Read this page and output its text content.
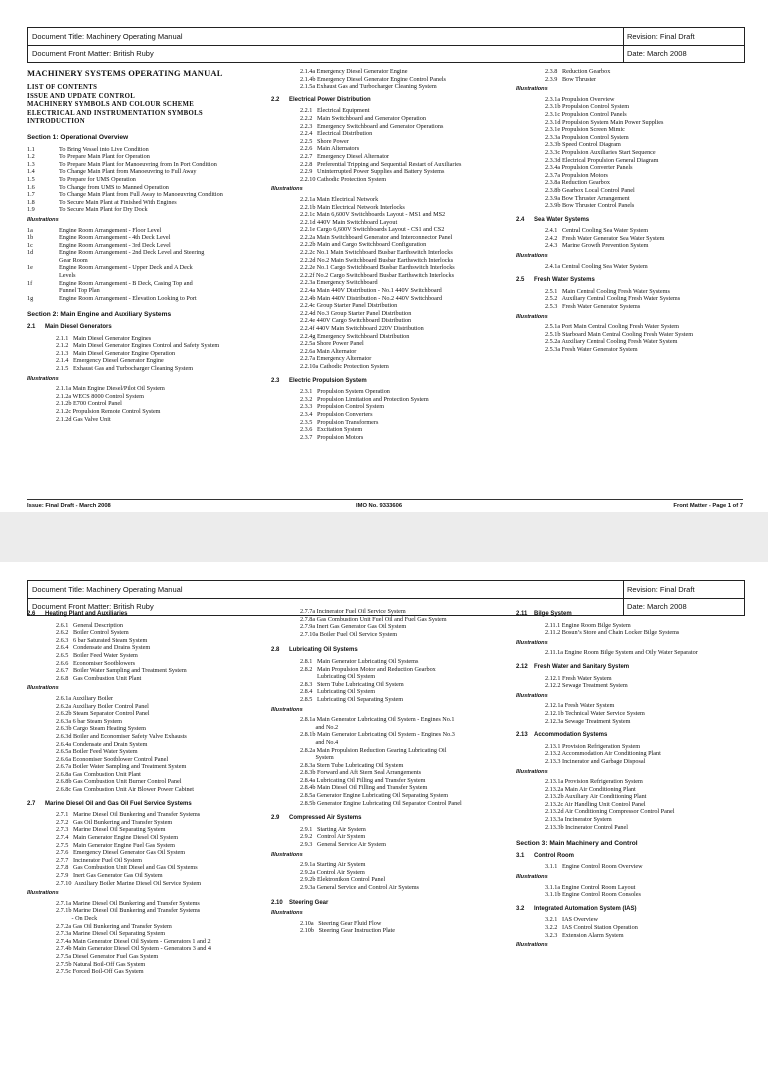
Document Title: Machinery Operating Manual	Revision: Final Draft
Document Front Matter: British Ruby	Date: March 2008
MACHINERY SYSTEMS OPERATING MANUAL
LIST OF CONTENTS
ISSUE AND UPDATE CONTROL
MACHINERY SYMBOLS AND COLOUR SCHEME
ELECTRICAL AND INSTRUMENTATION SYMBOLS
INTRODUCTION
Section 1: Operational Overview
1.1	To Bring Vessel into Live Condition
1.2	To Prepare Main Plant for Operation
1.3	To Prepare Main Plant for Manoeuvring from In Port Condition
1.4	To Change Main Plant from Manoeuvring to Full Away
1.5	To Prepare for UMS Operation
1.6	To Change from UMS to Manned Operation
1.7	To Change Main Plant from Full Away to Manoeuvring Condition
1.8	To Secure Main Plant at Finished With Engines
1.9	To Secure Main Plant for Dry Dock
Illustrations
1a	Engine Room Arrangement - Floor Level
1b	Engine Room Arrangement - 4th Deck Level
1c	Engine Room Arrangement - 3rd Deck Level
1d	Engine Room Arrangement - 2nd Deck Level and Steering
Gear Room
1e	Engine Room Arrangement - Upper Deck and A Deck
Levels
1f	Engine Room Arrangement - B Deck, Casing Top and
Funnel Top Plan
1g	Engine Room Arrangement - Elevation Looking to Port
Section 2: Main Engine and Auxiliary Systems
2.1 Main Diesel Generators
2.1.1   Main Diesel Generator Engines
2.1.2   Main Diesel Generator Engines Control and Safety System
2.1.3   Main Diesel Generator Engine Operation
2.1.4   Emergency Diesel Generator Engine
2.1.5   Exhaust Gas and Turbocharger Cleaning System
Illustrations
2.1.1a Main Engine Diesel/Pilot Oil System
2.1.2a WECS 8000 Control System
2.1.2b E700 Control Panel
2.1.2c Propulsion Remote Control System
2.1.2d Gas Valve Unit
2.1.4a Emergency Diesel Generator Engine
2.1.4b Emergency Diesel Generator Engine Control Panels
2.1.5a Exhaust Gas and Turbocharger Cleaning System
2.2 Electrical Power Distribution
2.2.1   Electrical Equipment
2.2.2   Main Switchboard and Generator Operation
2.2.3   Emergency Switchboard and Generator Operations
2.2.4   Electrical Distribution
2.2.5   Shore Power
2.2.6   Main Alternators
2.2.7   Emergency Diesel Alternator
2.2.8   Preferential Tripping and Sequential Restart of Auxiliaries
2.2.9   Uninterrupted Power Supplies and Battery Systems
2.2.10 Cathodic Protection System
Illustrations
2.2.1a Main Electrical Network
2.2.1b Main Electrical Network Interlocks
2.2.1c Main 6,600V Switchboards Layout - MS1 and MS2
2.2.1d 440V Main Switchboard Layout
2.2.1e Cargo 6,600V Switchboards Layout - CS1 and CS2
2.2.2a Main Switchboard Generator and Interconnector Panel
2.2.2b Main and Cargo Switchboard Configuration
2.2.2c No.1 Main Switchboard Busbar Earthswitch Interlocks
2.2.2d No.2 Main Switchboard Busbar Earthswitch Interlocks
2.2.2e No.1 Cargo Switchboard Busbar Earthswitch Interlocks
2.2.2f No.2 Cargo Switchboard Busbar Earthswitch Interlocks
2.2.3a Emergency Switchboard
2.2.4a Main 440V Distribution - No.1 440V Switchboard
2.2.4b Main 440V Distribution - No.2 440V Switchboard
2.2.4c Group Starter Panel Distribution
2.2.4d No.3 Group Starter Panel Distribution
2.2.4e 440V Cargo Switchboard Distribution
2.2.4f 440V Main Switchboard 220V Distribution
2.2.4g Emergency Switchboard Distribution
2.2.5a Shore Power Panel
2.2.6a Main Alternator
2.2.7a Emergency Alternator
2.2.10a Cathodic Protection System
2.3 Electric Propulsion System
2.3.1   Propulsion System Operation
2.3.2   Propulsion Limitation and Protection System
2.3.3   Propulsion Control System
2.3.4   Propulsion Converters
2.3.5   Propulsion Transformers
2.3.6   Excitation System
2.3.7   Propulsion Motors
2.3.8   Reduction Gearbox
2.3.9   Bow Thruster
Illustrations
2.3.1a Propulsion Overview
2.3.1b Propulsion Control System
2.3.1c Propulsion Control Panels
2.3.1d Propulsion System Main Power Supplies
2.3.1e Propulsion Screen Mimic
2.3.3a Propulsion Control System
2.3.3b Speed Control Diagram
2.3.3c Propulsion Auxiliaries Start Sequence
2.3.3d Electrical Propulsion General Diagram
2.3.4a Propulsion Converter Panels
2.3.7a Propulsion Motors
2.3.8a Reduction Gearbox
2.3.8b Gearbox Local Control Panel
2.3.9a Bow Thruster Arrangement
2.3.9b Bow Thruster Control Panels
2.4 Sea Water Systems
2.4.1   Central Cooling Sea Water System
2.4.2   Fresh Water Generator Sea Water System
2.4.3   Marine Growth Prevention System
Illustrations
2.4.1a Central Cooling Sea Water System
2.5 Fresh Water Systems
2.5.1   Main Central Cooling Fresh Water Systems
2.5.2   Auxiliary Central Cooling Fresh Water Systems
2.5.3   Fresh Water Generator Systems
Illustrations
2.5.1a Port Main Central Cooling Fresh Water System
2.5.1b Starboard Main Central Cooling Fresh Water System
2.5.2a Auxiliary Central Cooling Fresh Water System
2.5.3a Fresh Water Generator System
Issue: Final Draft - March 2008	IMO No. 9333606	Front Matter - Page 1 of 7
Document Title: Machinery Operating Manual	Revision: Final Draft
Document Front Matter: British Ruby	Date: March 2008
2.6 Heating Plant and Auxiliaries
2.6.1   General Description
2.6.2   Boiler Control System
2.6.3   6 bar Saturated Steam System
2.6.4   Condensate and Drains System
2.6.5   Boiler Feed Water System
2.6.6   Economiser Sootblowers
2.6.7   Boiler Water Sampling and Treatment System
2.6.8   Gas Combustion Unit Plant
Illustrations
2.6.1a Auxiliary Boiler
2.6.2a Auxiliary Boiler Control Panel
2.6.2b Steam Separator Control Panel
2.6.3a 6 bar Steam System
2.6.3b Cargo Steam Heating System
2.6.3d Boiler and Economiser Safety Valve Exhausts
2.6.4a Condensate and Drain System
2.6.5a Boiler Feed Water System
2.6.6a Economiser Sootblower Control Panel
2.6.7a Boiler Water Sampling and Treatment System
2.6.8a Gas Combustion Unit Plant
2.6.8b Gas Combustion Unit Burner Control Panel
2.6.8c Gas Combustion Unit Air Blower Power Cabinet
2.7 Marine Diesel Oil and Gas Oil Fuel Service Systems
2.7.1   Marine Diesel Oil Bunkering and Transfer Systems
2.7.2   Gas Oil Bunkering and Transfer System
2.7.3   Marine Diesel Oil Separating System
2.7.4   Main Generator Engine Diesel Oil System
2.7.5   Main Generator Engine Fuel Gas System
2.7.6   Emergency Diesel Generator Gas Oil System
2.7.7   Incinerator Fuel Oil System
2.7.8   Gas Combustion Unit Diesel and Gas Oil Systems
2.7.9   Inert Gas Generator Gas Oil System
2.7.10  Auxiliary Boiler Marine Diesel Oil Service System
Illustrations
2.7.1a Marine Diesel Oil Bunkering and Transfer Systems
2.7.1b Marine Diesel Oil Bunkering and Transfer Systems
- On Deck
2.7.2a Gas Oil Bunkering and Transfer System
2.7.3a Marine Diesel Oil Separating System
2.7.4a Main Generator Diesel Oil System - Generators 1 and 2
2.7.4b Main Generator Diesel Oil System - Generators 3 and 4
2.7.5a Diesel Generator Fuel Gas System
2.7.5b Natural Boil-Off Gas System
2.7.5c Forced Boil-Off Gas System
2.7.7a Incinerator Fuel Oil Service System
2.7.8a Gas Combustion Unit Fuel Oil and Fuel Gas System
2.7.9a Inert Gas Generator Gas Oil System
2.7.10a Boiler Fuel Oil Service System
2.8 Lubricating Oil Systems
2.8.1   Main Generator Lubricating Oil Systems
2.8.2   Main Propulsion Motor and Reduction Gearbox
Lubricating Oil System
2.8.3   Stern Tube Lubricating Oil System
2.8.4   Lubricating Oil System
2.8.5   Lubricating Oil Separating System
Illustrations
2.8.1a Main Generator Lubricating Oil System - Engines No.1
and No.2
2.8.1b Main Generator Lubricating Oil System - Engines No.3
and No.4
2.8.2a Main Propulsion Reduction Gearing Lubricating Oil
System
2.8.3a Stern Tube Lubricating Oil System
2.8.3b Forward and Aft Stern Seal Arrangements
2.8.4a Lubricating Oil Filling and Transfer System
2.8.4b Main Diesel Oil Filling and Transfer System
2.8.5a Generator Engine Lubricating Oil Separating System
2.8.5b Generator Engine Lubricating Oil Separator Control Panel
2.9 Compressed Air Systems
2.9.1   Starting Air System
2.9.2   Control Air System
2.9.3   General Service Air System
Illustrations
2.9.1a Starting Air System
2.9.2a Control Air System
2.9.2b Elektronikon Control Panel
2.9.3a General Service and Control Air Systems
2.10 Steering Gear
Illustrations
2.10a   Steering Gear Fluid Flow
2.10b   Steering Gear Instruction Plate
2.11 Bilge System
2.11.1 Engine Room Bilge System
2.11.2 Bosun’s Store and Chain Locker Bilge Systems
Illustrations
2.11.1a Engine Room Bilge System and Oily Water Separator
2.12 Fresh Water and Sanitary System
2.12.1 Fresh Water System
2.12.2 Sewage Treatment System
Illustrations
2.12.1a Fresh Water System
2.12.1b Technical Water Service System
2.12.3a Sewage Treatment System
2.13 Accommodation Systems
2.13.1 Provision Refrigeration System
2.13.2 Accommodation Air Conditioning Plant
2.13.3 Incinerator and Garbage Disposal
Illustrations
2.13.1a Provision Refrigeration System
2.13.2a Main Air Conditioning Plant
2.13.2b Auxiliary Air Conditioning Plant
2.13.2c Air Handling Unit Control Panel
2.13.2d Air Conditioning Compressor Control Panel
2.13.3a Incinerator System
2.13.3b Incinerator Control Panel
Section 3: Main Machinery and Control
3.1 Control Room
3.1.1   Engine Control Room Overview
Illustrations
3.1.1a Engine Control Room Layout
3.1.1b Engine Control Room Consoles
3.2 Integrated Automation System (IAS)
3.2.1   IAS Overview
3.2.2   IAS Control Station Operation
3.2.3   Extension Alarm System
Illustrations
